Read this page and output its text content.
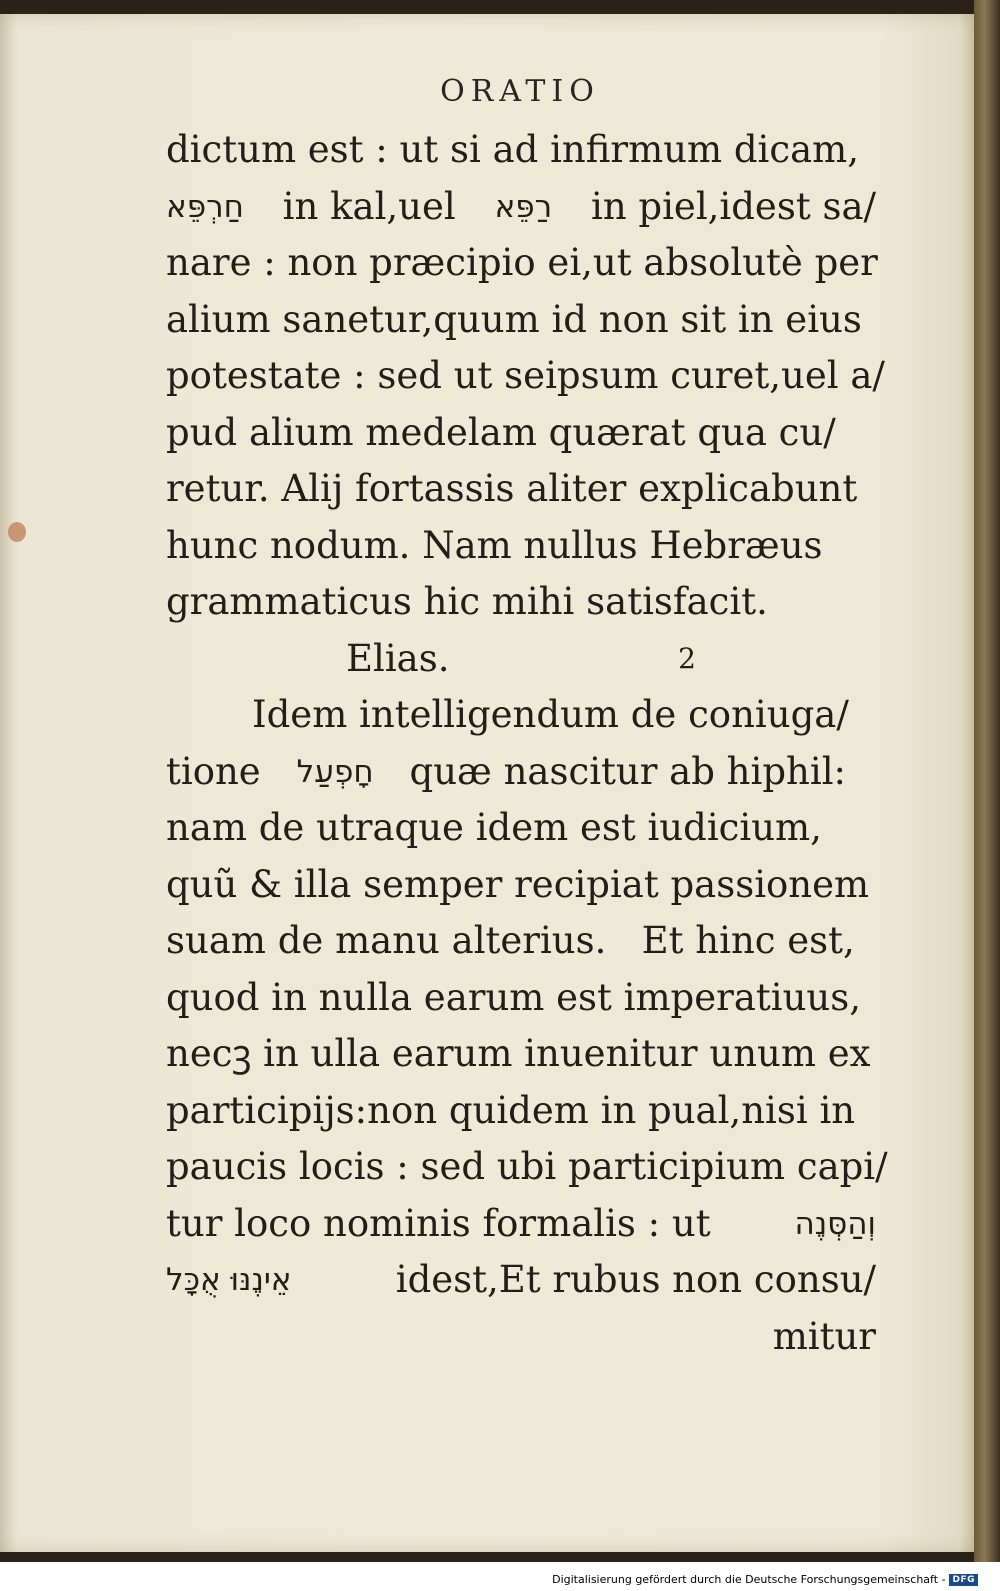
ORATIO
dictum est : ut si ad infirmum dicam,
חַרְפֵּא in kal,uel רַפֵּא in piel,idest sa/
nare : non præcipio ei,ut absolutè per
alium sanetur,quum id non sit in eius
potestate : sed ut seipsum curet,uel a/
pud alium medelam quærat qua cu/
retur. Alij fortassis aliter explicabunt
hunc nodum. Nam nullus Hebræus
grammaticus hic mihi satisfacit.
Elias.	2
Idem intelligendum de coniuga/
tione חָפְעַל quæ nascitur ab hiphil:
nam de utraque idem est iudicium,
quũ & illa semper recipiat passionem
suam de manu alterius.   Et hinc est,
quod in nulla earum est imperatiuus,
necꝫ in ulla earum inuenitur unum ex
participijs:non quidem in pual,nisi in
paucis locis : sed ubi participium capi/
tur loco nominis formalis : ut	וְהַסְּנֶה
אֵינֶנּוּ אֻכָּל	idest,Et rubus non consu/
mitur
Digitalisierung gefördert durch die Deutsche Forschungsgemeinschaft - DFG
